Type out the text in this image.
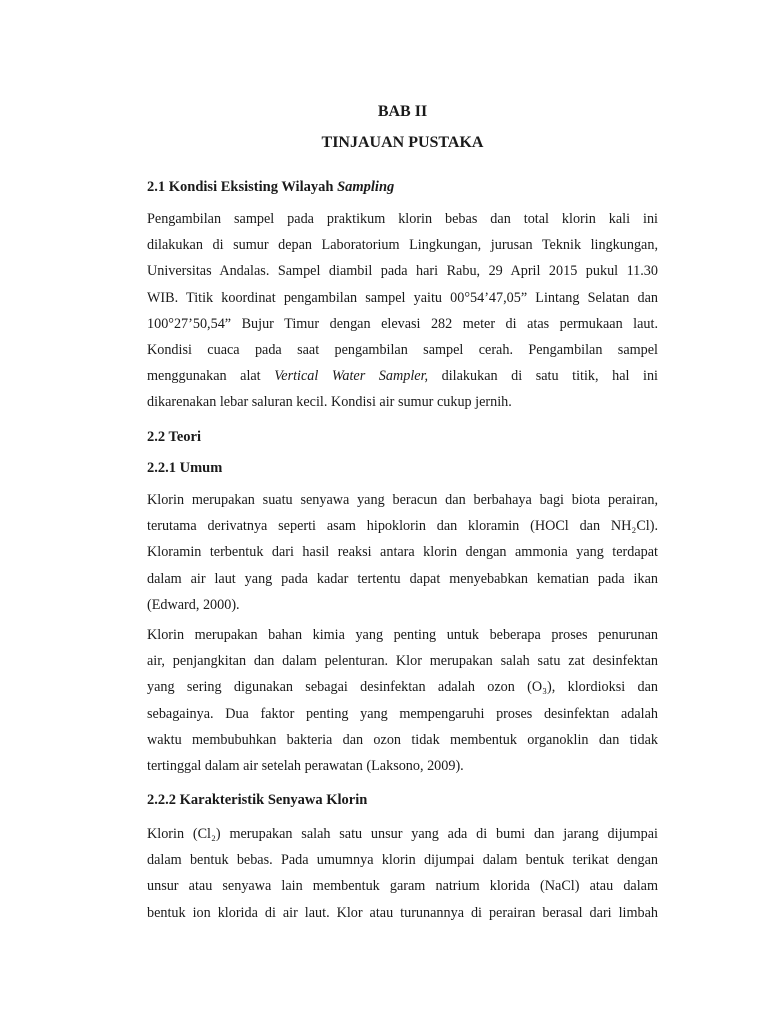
BAB II
TINJAUAN PUSTAKA
2.1 Kondisi Eksisting Wilayah Sampling
Pengambilan sampel pada praktikum klorin bebas dan total klorin kali ini
dilakukan di sumur depan Laboratorium Lingkungan, jurusan Teknik lingkungan,
Universitas Andalas. Sampel diambil pada hari Rabu, 29 April 2015 pukul 11.30
WIB. Titik koordinat pengambilan sampel yaitu 00°54’47,05” Lintang Selatan dan
100°27’50,54” Bujur Timur dengan elevasi 282 meter di atas permukaan laut.
Kondisi cuaca pada saat pengambilan sampel cerah. Pengambilan sampel
menggunakan alat Vertical Water Sampler, dilakukan di satu titik, hal ini
dikarenakan lebar saluran kecil. Kondisi air sumur cukup jernih.
2.2 Teori
2.2.1 Umum
Klorin merupakan suatu senyawa yang beracun dan berbahaya bagi biota perairan,
terutama derivatnya seperti asam hipoklorin dan kloramin (HOCl dan NH₂Cl).
Kloramin terbentuk dari hasil reaksi antara klorin dengan ammonia yang terdapat
dalam air laut yang pada kadar tertentu dapat menyebabkan kematian pada ikan
(Edward, 2000).
Klorin merupakan bahan kimia yang penting untuk beberapa proses penurunan
air, penjangkitan dan dalam pelenturan. Klor merupakan salah satu zat desinfektan
yang sering digunakan sebagai desinfektan adalah ozon (O₃), klordioksi dan
sebagainya. Dua faktor penting yang mempengaruhi proses desinfektan adalah
waktu membubuhkan bakteria dan ozon tidak membentuk organoklin dan tidak
tertinggal dalam air setelah perawatan (Laksono, 2009).
2.2.2 Karakteristik Senyawa Klorin
Klorin (Cl₂) merupakan salah satu unsur yang ada di bumi dan jarang dijumpai
dalam bentuk bebas. Pada umumnya klorin dijumpai dalam bentuk terikat dengan
unsur atau senyawa lain membentuk garam natrium klorida (NaCl) atau dalam
bentuk ion klorida di air laut. Klor atau turunannya di perairan berasal dari limbah
